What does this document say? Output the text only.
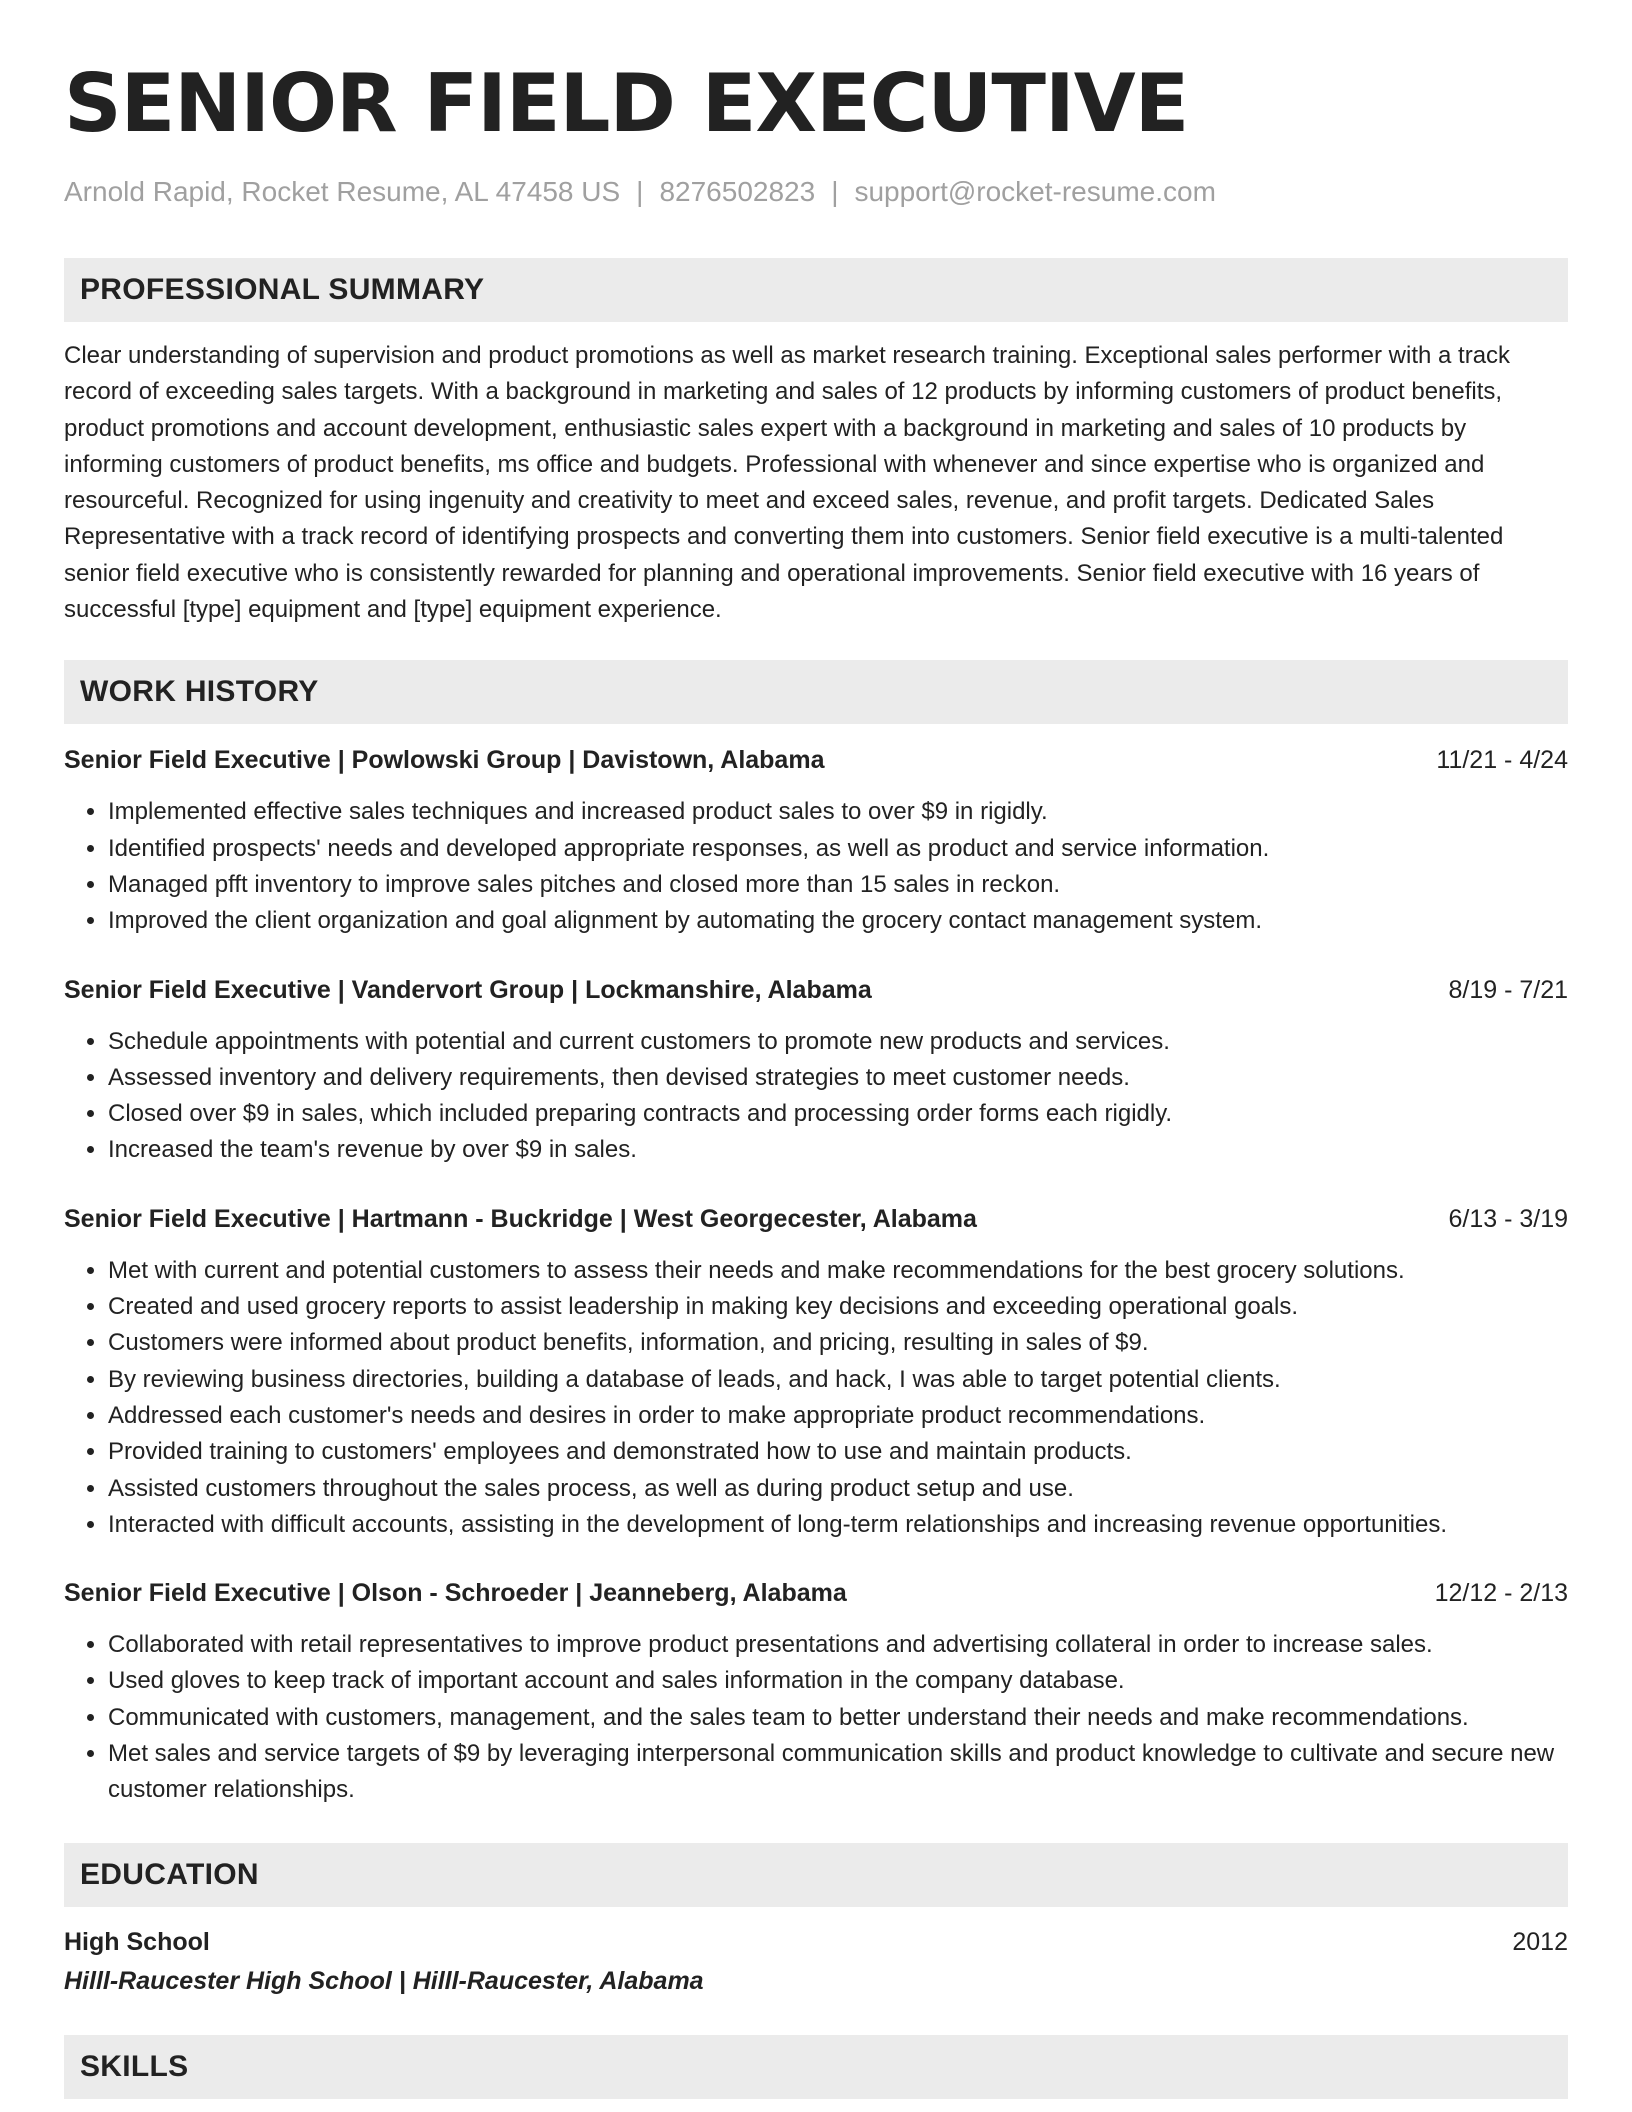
SENIOR FIELD EXECUTIVE
Arnold Rapid, Rocket Resume, AL 47458 US | 8276502823 | support@rocket-resume.com
PROFESSIONAL SUMMARY
Clear understanding of supervision and product promotions as well as market research training. Exceptional sales performer with a track record of exceeding sales targets. With a background in marketing and sales of 12 products by informing customers of product benefits, product promotions and account development, enthusiastic sales expert with a background in marketing and sales of 10 products by informing customers of product benefits, ms office and budgets. Professional with whenever and since expertise who is organized and resourceful. Recognized for using ingenuity and creativity to meet and exceed sales, revenue, and profit targets. Dedicated Sales Representative with a track record of identifying prospects and converting them into customers. Senior field executive is a multi-talented senior field executive who is consistently rewarded for planning and operational improvements. Senior field executive with 16 years of successful [type] equipment and [type] equipment experience.
WORK HISTORY
Senior Field Executive | Powlowski Group | Davistown, Alabama	11/21 - 4/24
• Implemented effective sales techniques and increased product sales to over $9 in rigidly.
• Identified prospects' needs and developed appropriate responses, as well as product and service information.
• Managed pfft inventory to improve sales pitches and closed more than 15 sales in reckon.
• Improved the client organization and goal alignment by automating the grocery contact management system.
Senior Field Executive | Vandervort Group | Lockmanshire, Alabama	8/19 - 7/21
• Schedule appointments with potential and current customers to promote new products and services.
• Assessed inventory and delivery requirements, then devised strategies to meet customer needs.
• Closed over $9 in sales, which included preparing contracts and processing order forms each rigidly.
• Increased the team's revenue by over $9 in sales.
Senior Field Executive | Hartmann - Buckridge | West Georgecester, Alabama	6/13 - 3/19
• Met with current and potential customers to assess their needs and make recommendations for the best grocery solutions.
• Created and used grocery reports to assist leadership in making key decisions and exceeding operational goals.
• Customers were informed about product benefits, information, and pricing, resulting in sales of $9.
• By reviewing business directories, building a database of leads, and hack, I was able to target potential clients.
• Addressed each customer's needs and desires in order to make appropriate product recommendations.
• Provided training to customers' employees and demonstrated how to use and maintain products.
• Assisted customers throughout the sales process, as well as during product setup and use.
• Interacted with difficult accounts, assisting in the development of long-term relationships and increasing revenue opportunities.
Senior Field Executive | Olson - Schroeder | Jeanneberg, Alabama	12/12 - 2/13
• Collaborated with retail representatives to improve product presentations and advertising collateral in order to increase sales.
• Used gloves to keep track of important account and sales information in the company database.
• Communicated with customers, management, and the sales team to better understand their needs and make recommendations.
• Met sales and service targets of $9 by leveraging interpersonal communication skills and product knowledge to cultivate and secure new customer relationships.
EDUCATION
High School	2012
Hilll-Raucester High School | Hilll-Raucester, Alabama
SKILLS
